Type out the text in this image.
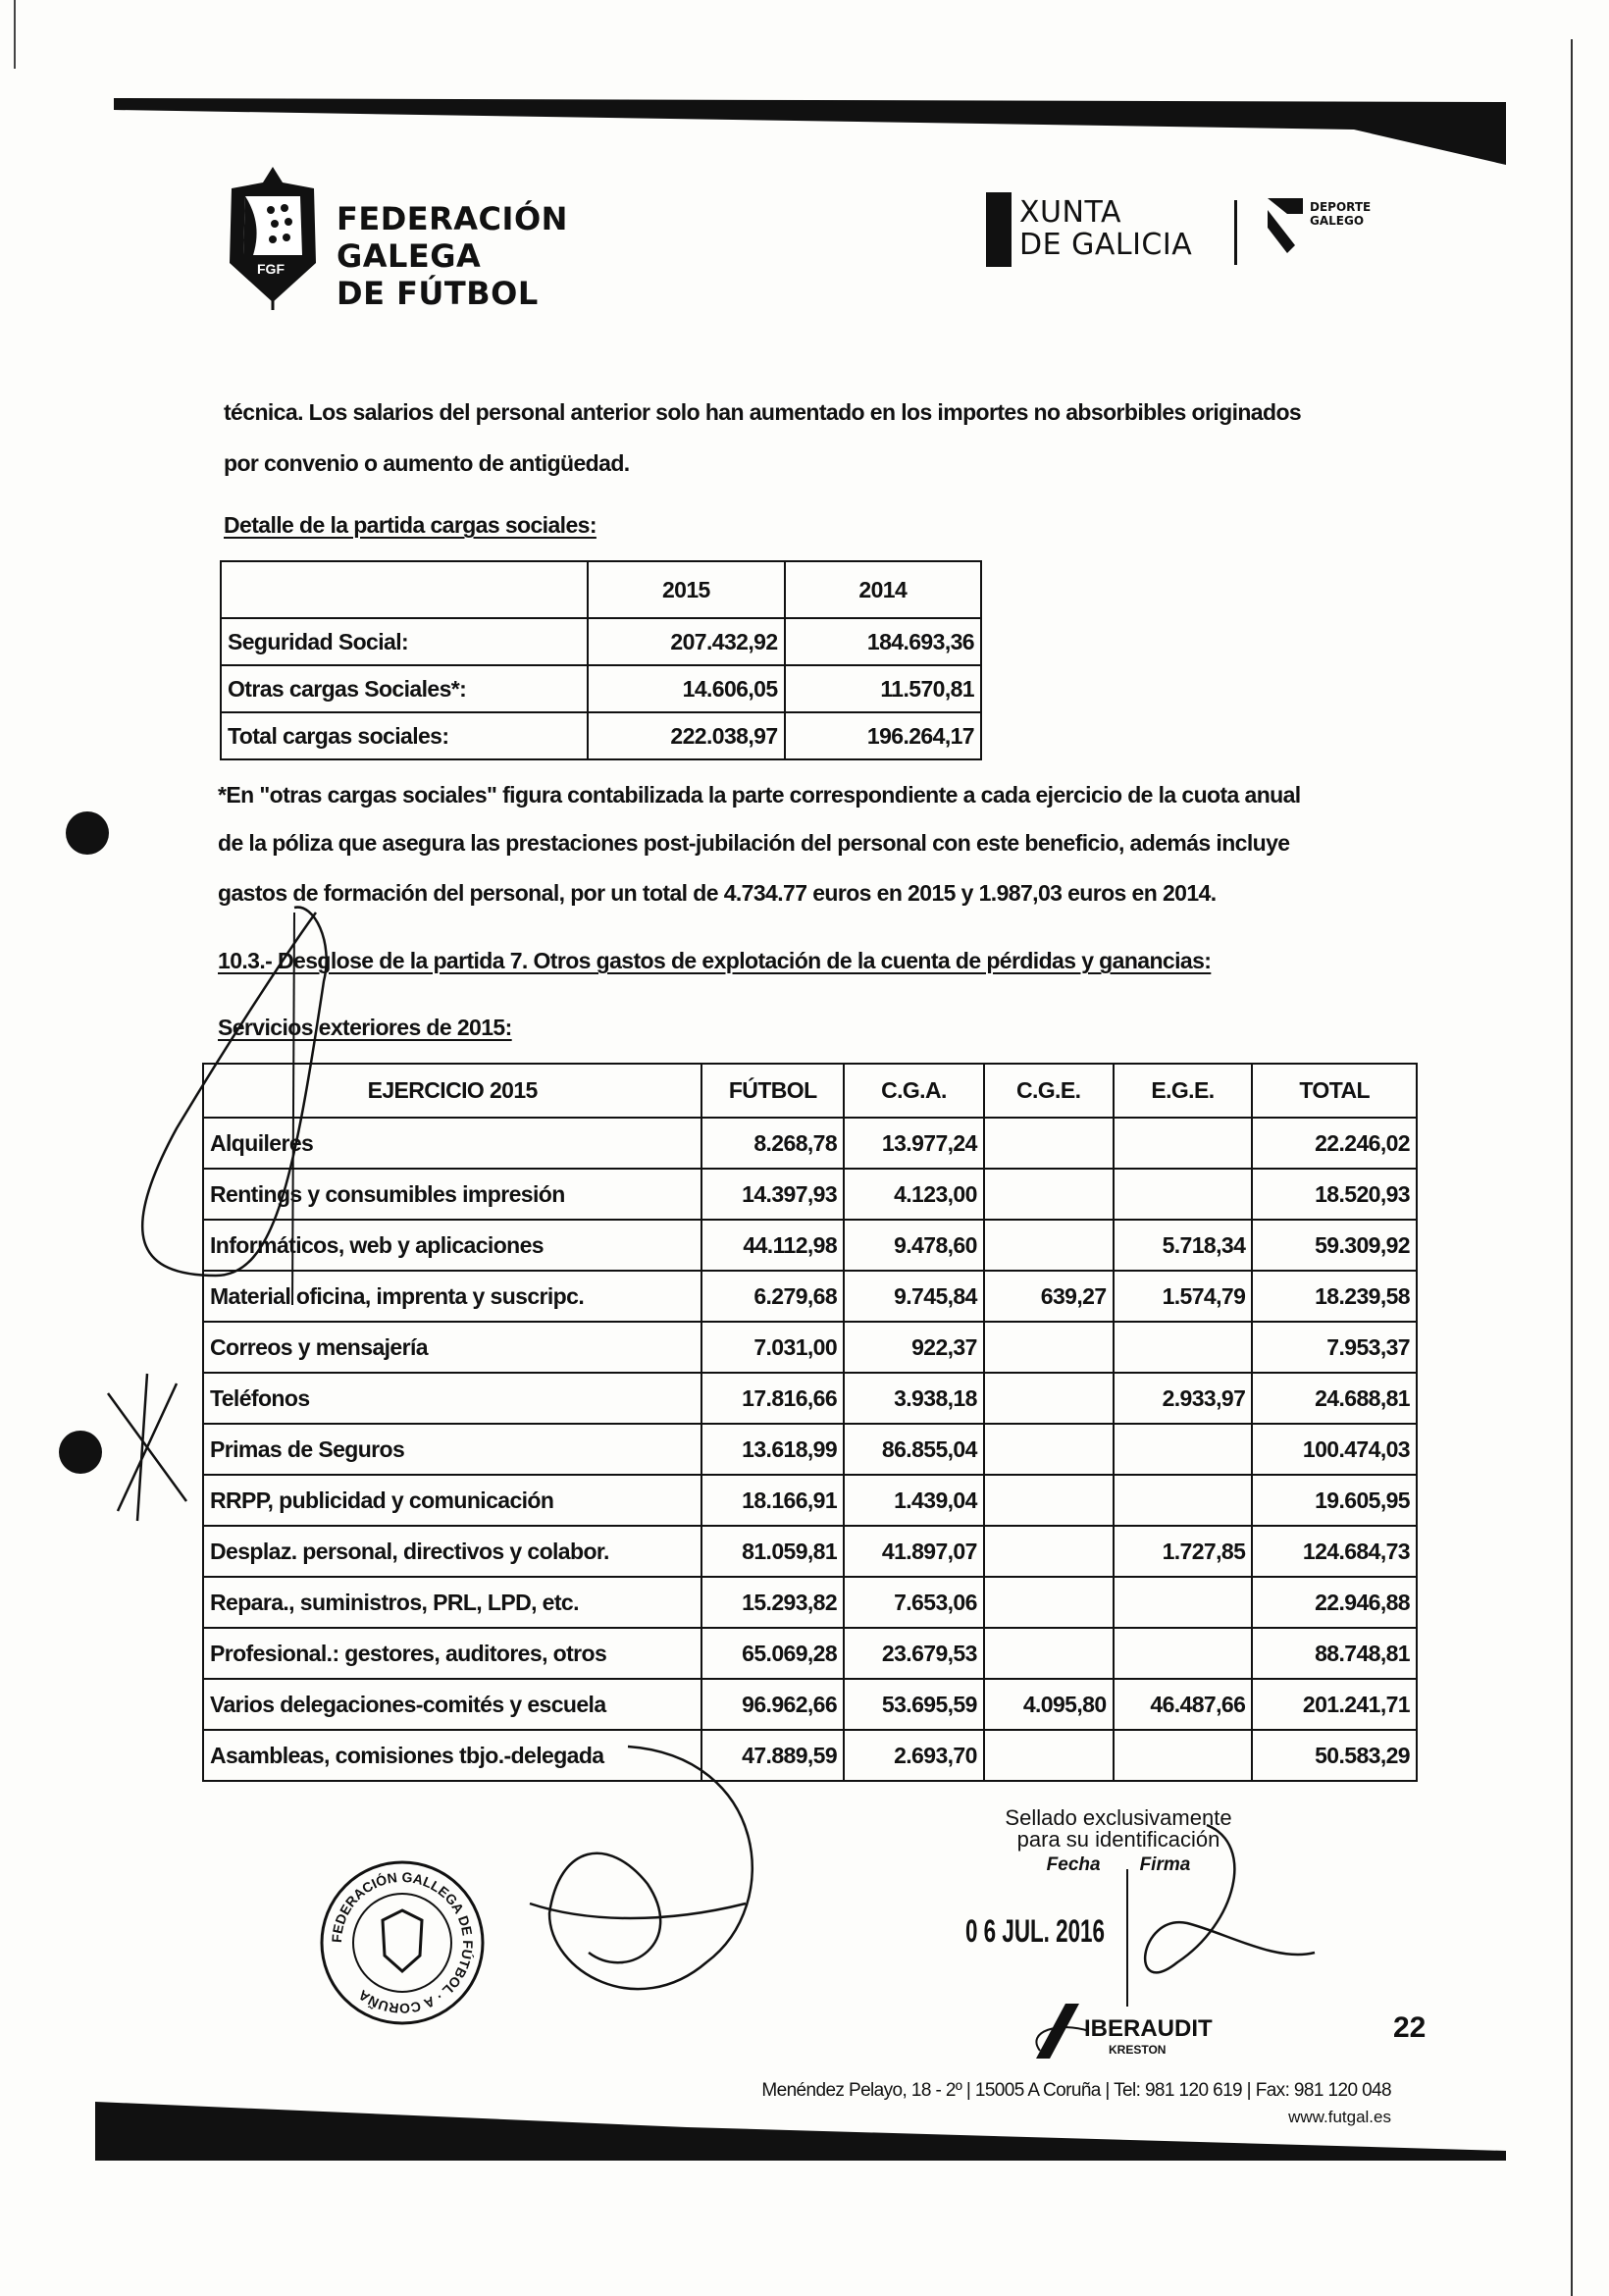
FGF
FEDERACIÓN GALEGA
DE FÚTBOL
XUNTA
DE GALICIA
DEPORTE
GALEGO
técnica. Los salarios del personal anterior solo han aumentado en los importes no absorbibles originados
por convenio o aumento de antigüedad.
Detalle de la partida cargas sociales:
	2015	2014
Seguridad Social:	207.432,92	184.693,36
Otras cargas Sociales*:	14.606,05	11.570,81
Total cargas sociales:	222.038,97	196.264,17
*En "otras cargas sociales" figura contabilizada la parte correspondiente a cada ejercicio de la cuota anual
de la póliza que asegura las prestaciones post-jubilación del personal con este beneficio, además incluye
gastos de formación del personal, por un total de 4.734.77 euros en 2015 y 1.987,03 euros en 2014.
10.3.- Desglose de la partida 7. Otros gastos de explotación de la cuenta de pérdidas y ganancias:
Servicios exteriores de 2015:
EJERCICIO 2015	FÚTBOL	C.G.A.	C.G.E.	E.G.E.	TOTAL
Alquileres	8.268,78	13.977,24			22.246,02
Rentings y consumibles impresión	14.397,93	4.123,00			18.520,93
Informáticos, web y aplicaciones	44.112,98	9.478,60		5.718,34	59.309,92
Material oficina, imprenta y suscripc.	6.279,68	9.745,84	639,27	1.574,79	18.239,58
Correos y mensajería	7.031,00	922,37			7.953,37
Teléfonos	17.816,66	3.938,18		2.933,97	24.688,81
Primas de Seguros	13.618,99	86.855,04			100.474,03
RRPP, publicidad y comunicación	18.166,91	1.439,04			19.605,95
Desplaz. personal, directivos y colabor.	81.059,81	41.897,07		1.727,85	124.684,73
Repara., suministros, PRL, LPD, etc.	15.293,82	7.653,06			22.946,88
Profesional.: gestores, auditores, otros	65.069,28	23.679,53			88.748,81
Varios delegaciones-comités y escuela	96.962,66	53.695,59	4.095,80	46.487,66	201.241,71
Asambleas, comisiones tbjo.-delegada	47.889,59	2.693,70			50.583,29
FEDERACIÓN GALLEGA DE FÚTBOL · A CORUÑA
Sellado exclusivamente
para su identificación
Fecha Firma
0 6 JUL. 2016
IBERAUDIT
KRESTON
22
Menéndez Pelayo, 18 - 2º | 15005 A Coruña | Tel: 981 120 619 | Fax: 981 120 048
www.futgal.es
